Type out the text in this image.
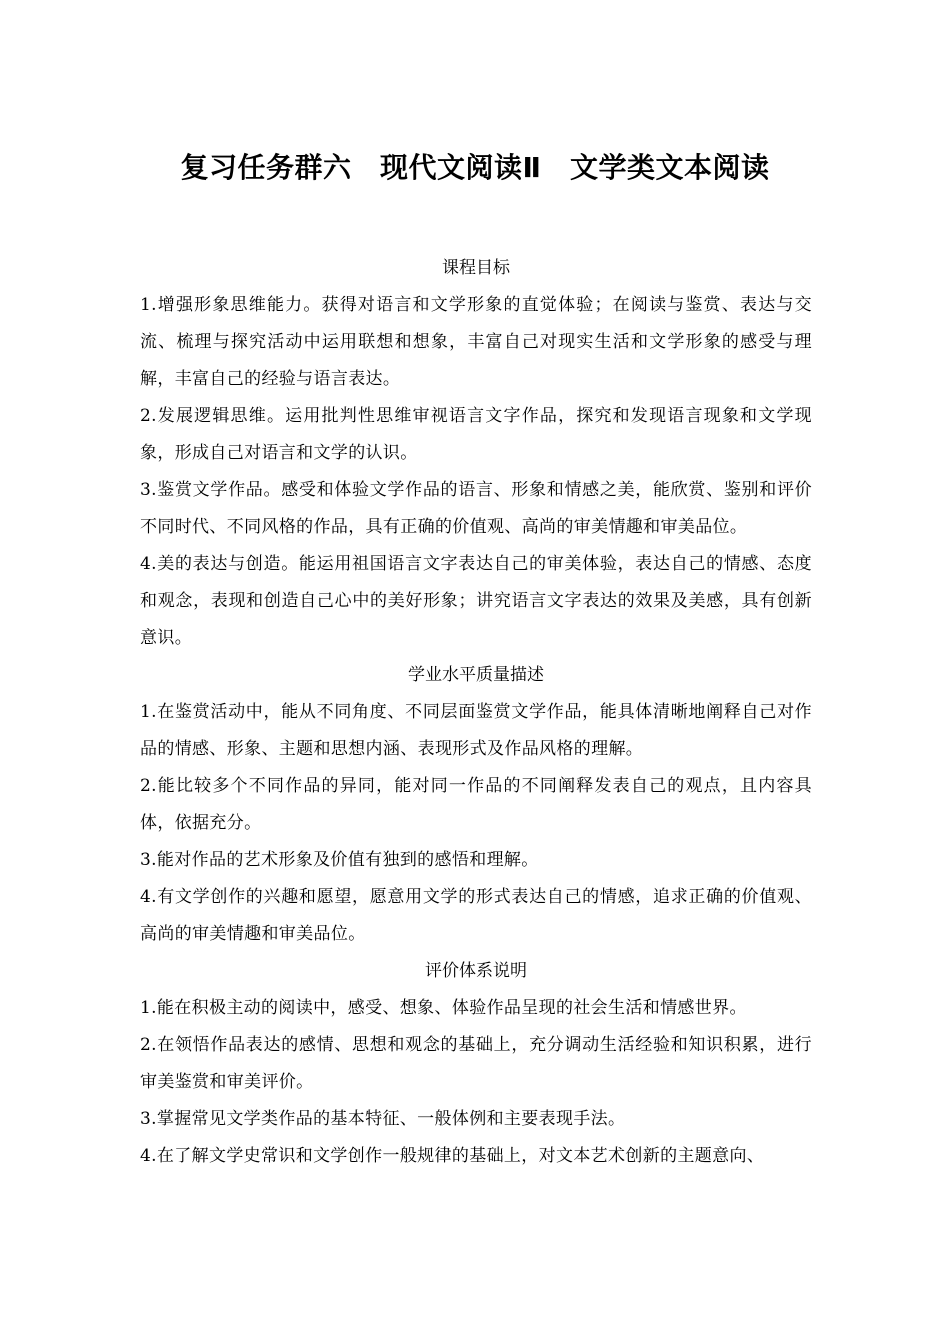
复习任务群六　现代文阅读Ⅱ　文学类文本阅读
课程目标

1.增强形象思维能力。获得对语言和文学形象的直觉体验；在阅读与鉴赏、表达与交流、梳理与探究活动中运用联想和想象，丰富自己对现实生活和文学形象的感受与理解，丰富自己的经验与语言表达。

2.发展逻辑思维。运用批判性思维审视语言文字作品，探究和发现语言现象和文学现象，形成自己对语言和文学的认识。

3.鉴赏文学作品。感受和体验文学作品的语言、形象和情感之美，能欣赏、鉴别和评价不同时代、不同风格的作品，具有正确的价值观、高尚的审美情趣和审美品位。

4.美的表达与创造。能运用祖国语言文字表达自己的审美体验，表达自己的情感、态度和观念，表现和创造自己心中的美好形象；讲究语言文字表达的效果及美感，具有创新意识。

学业水平质量描述

1.在鉴赏活动中，能从不同角度、不同层面鉴赏文学作品，能具体清晰地阐释自己对作品的情感、形象、主题和思想内涵、表现形式及作品风格的理解。

2.能比较多个不同作品的异同，能对同一作品的不同阐释发表自己的观点，且内容具体，依据充分。

3.能对作品的艺术形象及价值有独到的感悟和理解。

4.有文学创作的兴趣和愿望，愿意用文学的形式表达自己的情感，追求正确的价值观、高尚的审美情趣和审美品位。

评价体系说明

1.能在积极主动的阅读中，感受、想象、体验作品呈现的社会生活和情感世界。

2.在领悟作品表达的感情、思想和观念的基础上，充分调动生活经验和知识积累，进行审美鉴赏和审美评价。

3.掌握常见文学类作品的基本特征、一般体例和主要表现手法。

4.在了解文学史常识和文学创作一般规律的基础上，对文本艺术创新的主题意向、
